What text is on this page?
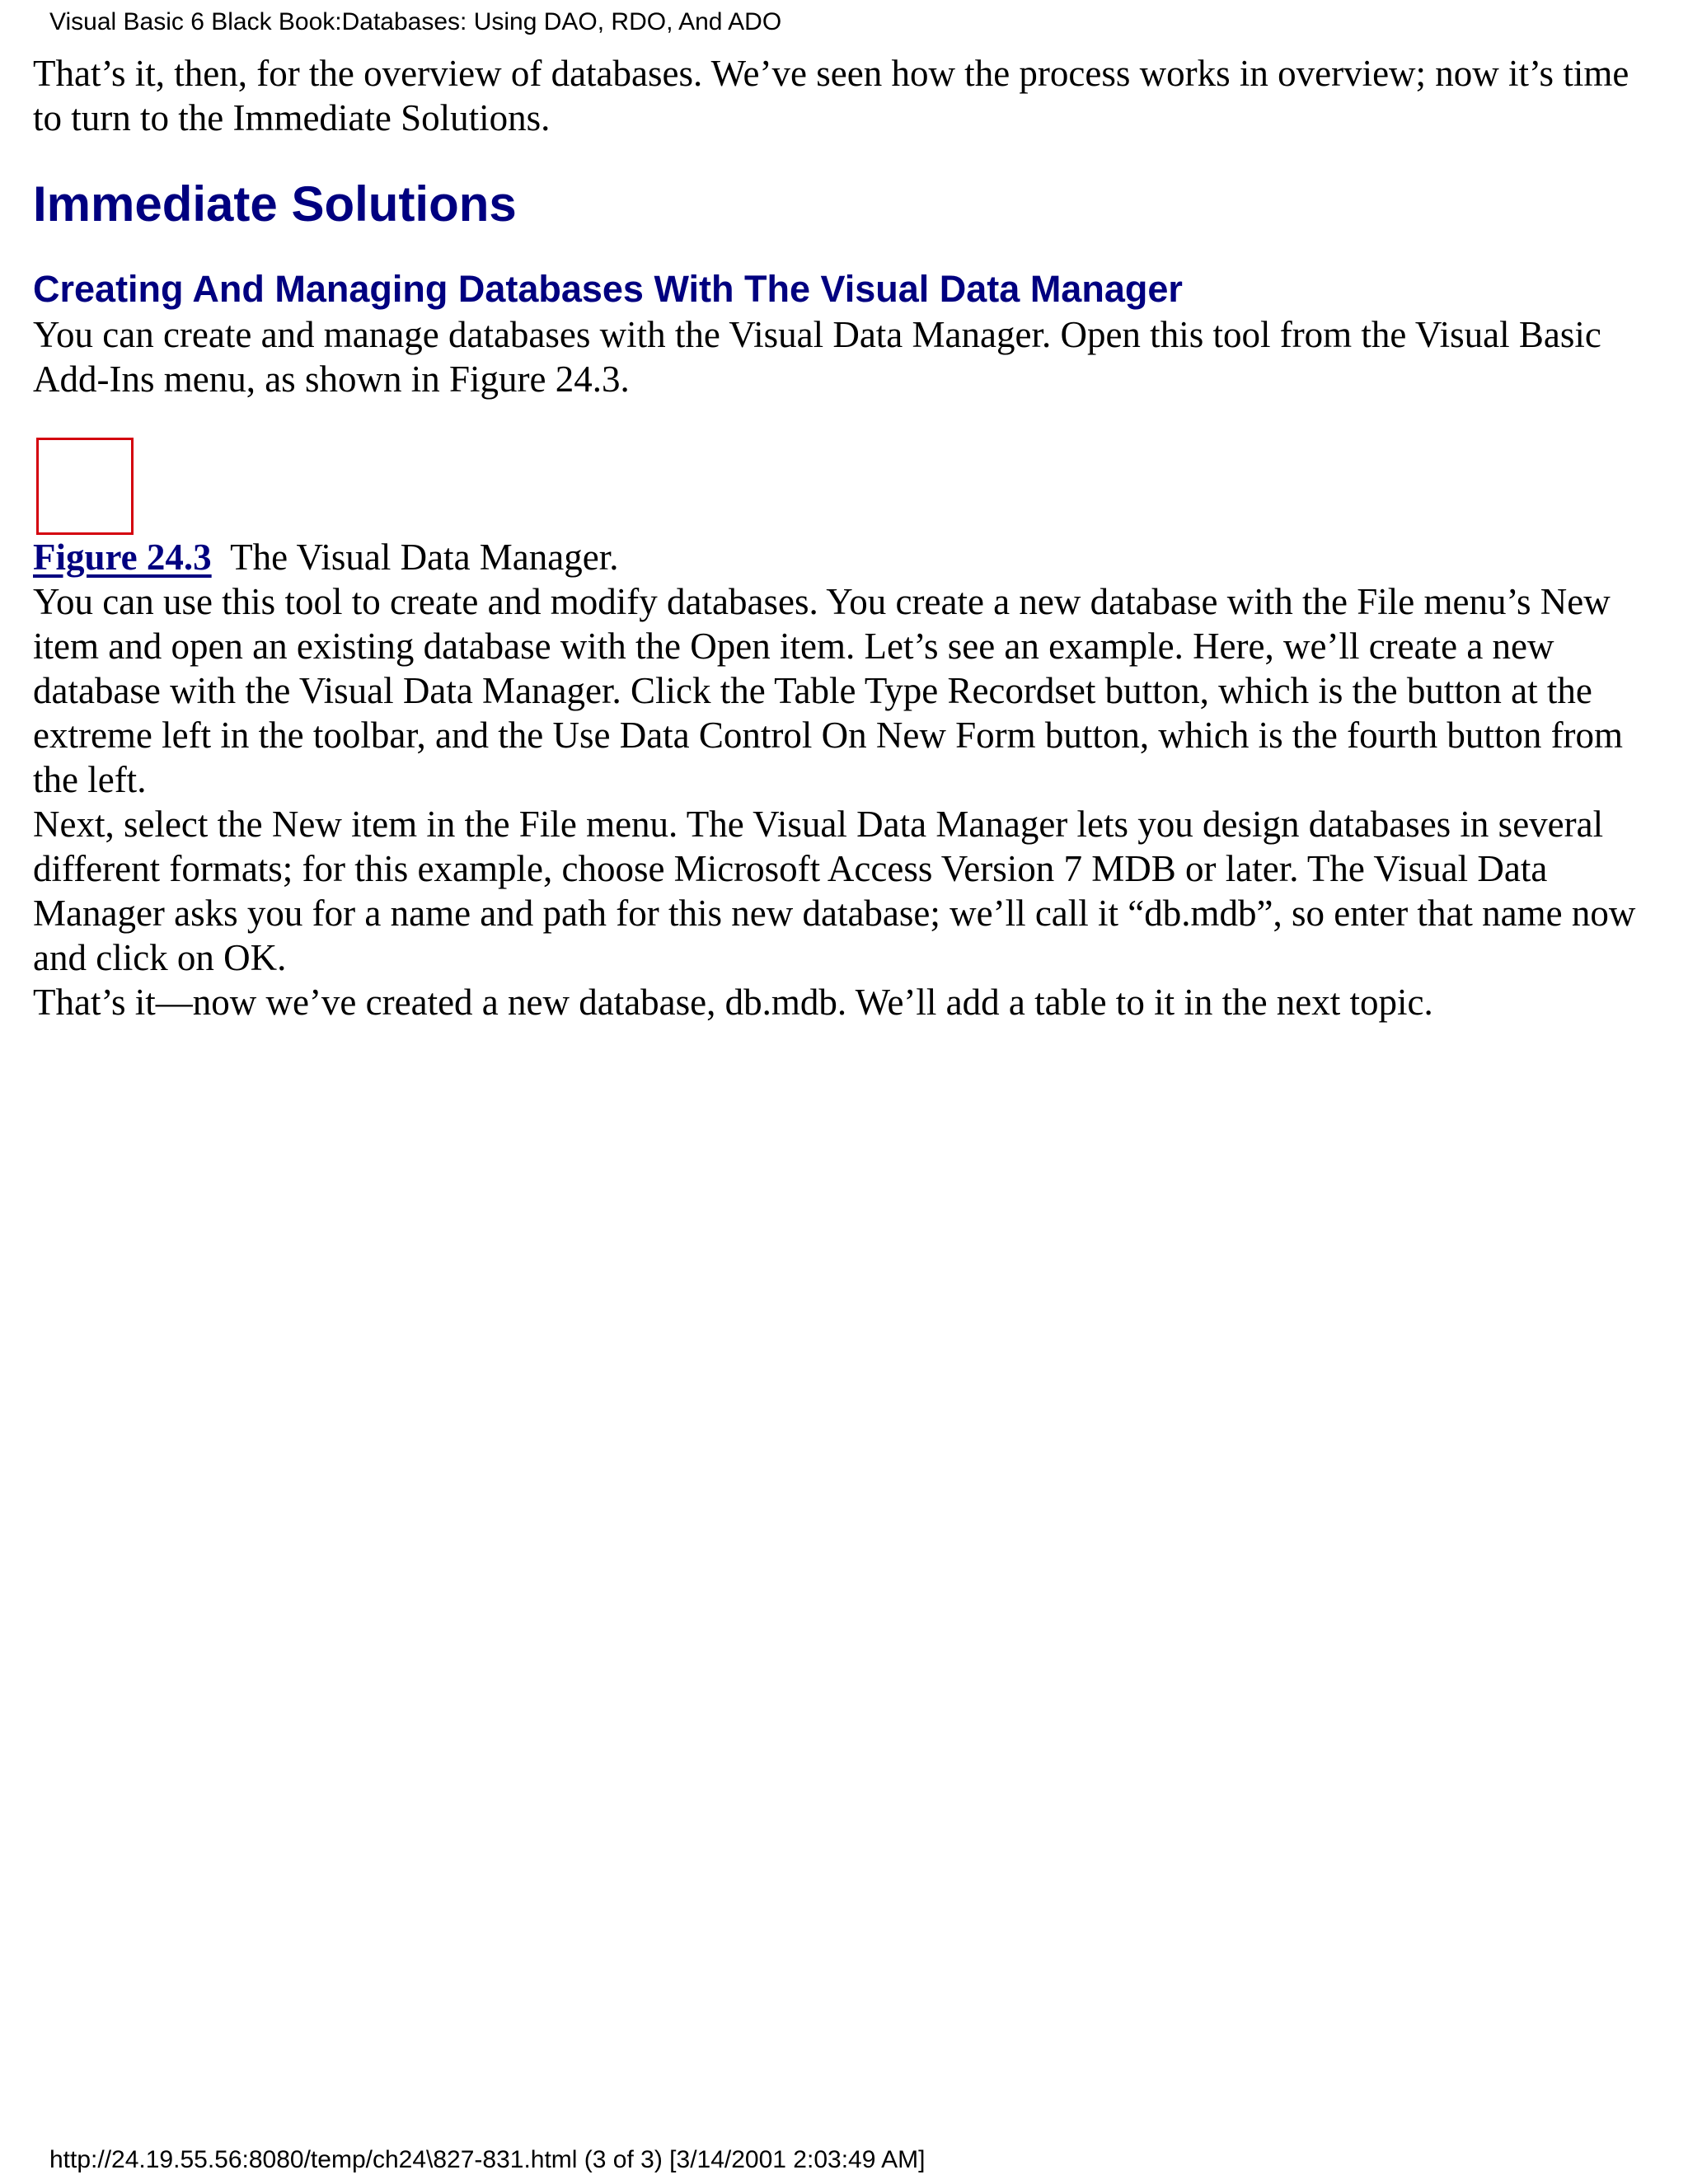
Visual Basic 6 Black Book:Databases: Using DAO, RDO, And ADO

That’s it, then, for the overview of databases. We’ve seen how the process works in overview; now it’s time to turn to the Immediate Solutions.

Immediate Solutions
Creating And Managing Databases With The Visual Data Manager

You can create and manage databases with the Visual Data Manager. Open this tool from the Visual Basic Add-Ins menu, as shown in Figure 24.3.

Figure 24.3 The Visual Data Manager.

You can use this tool to create and modify databases. You create a new database with the File menu’s New item and open an existing database with the Open item. Let’s see an example. Here, we’ll create a new database with the Visual Data Manager. Click the Table Type Recordset button, which is the button at the extreme left in the toolbar, and the Use Data Control On New Form button, which is the fourth button from the left.

Next, select the New item in the File menu. The Visual Data Manager lets you design databases in several different formats; for this example, choose Microsoft Access Version 7 MDB or later. The Visual Data Manager asks you for a name and path for this new database; we’ll call it “db.mdb”, so enter that name now and click on OK.

That’s it—now we’ve created a new database, db.mdb. We’ll add a table to it in the next topic.

http://24.19.55.56:8080/temp/ch24\827-831.html (3 of 3) [3/14/2001 2:03:49 AM]
